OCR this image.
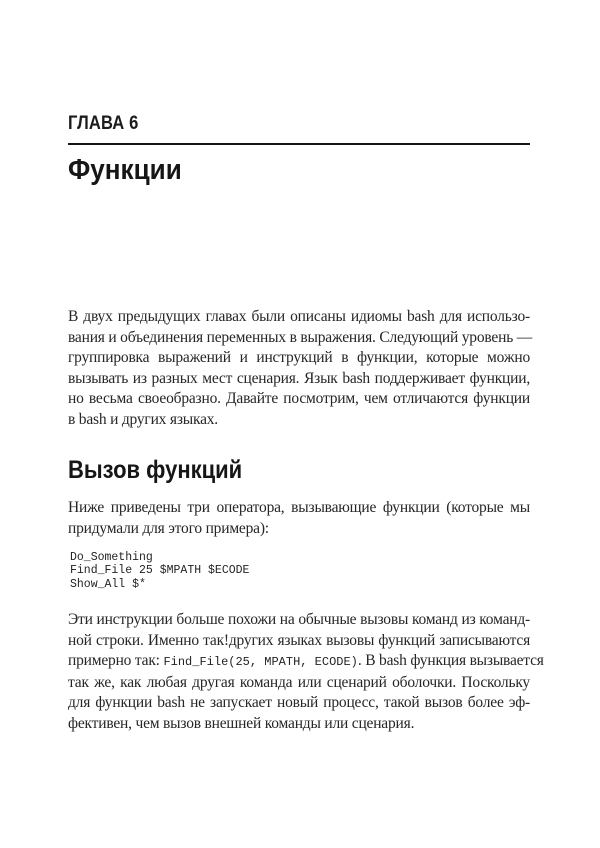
ГЛАВА 6
Функции
В двух предыдущих главах были описаны идиомы bash для использо-
вания и объединения переменных в выражения. Следующий уровень —
группировка выражений и инструкций в функции, которые можно
вызывать из разных мест сценария. Язык bash поддерживает функции,
но весьма своеобразно. Давайте посмотрим, чем отличаются функции
в bash и других языках.
Вызов функций
Ниже приведены три оператора, вызывающие функции (которые мы
придумали для этого примера):
Do_Something
Find_File 25 $MPATH $ECODE
Show_All $*
Эти инструкции больше похожи на обычные вызовы команд из команд-
ной строки. Именно так!других языках вызовы функций записываются
примерно так: Find_File(25, MPATH, ECODE). В bash функция вызывается
так же, как любая другая команда или сценарий оболочки. Поскольку
для функции bash не запускает новый процесс, такой вызов более эф-
фективен, чем вызов внешней команды или сценария.
